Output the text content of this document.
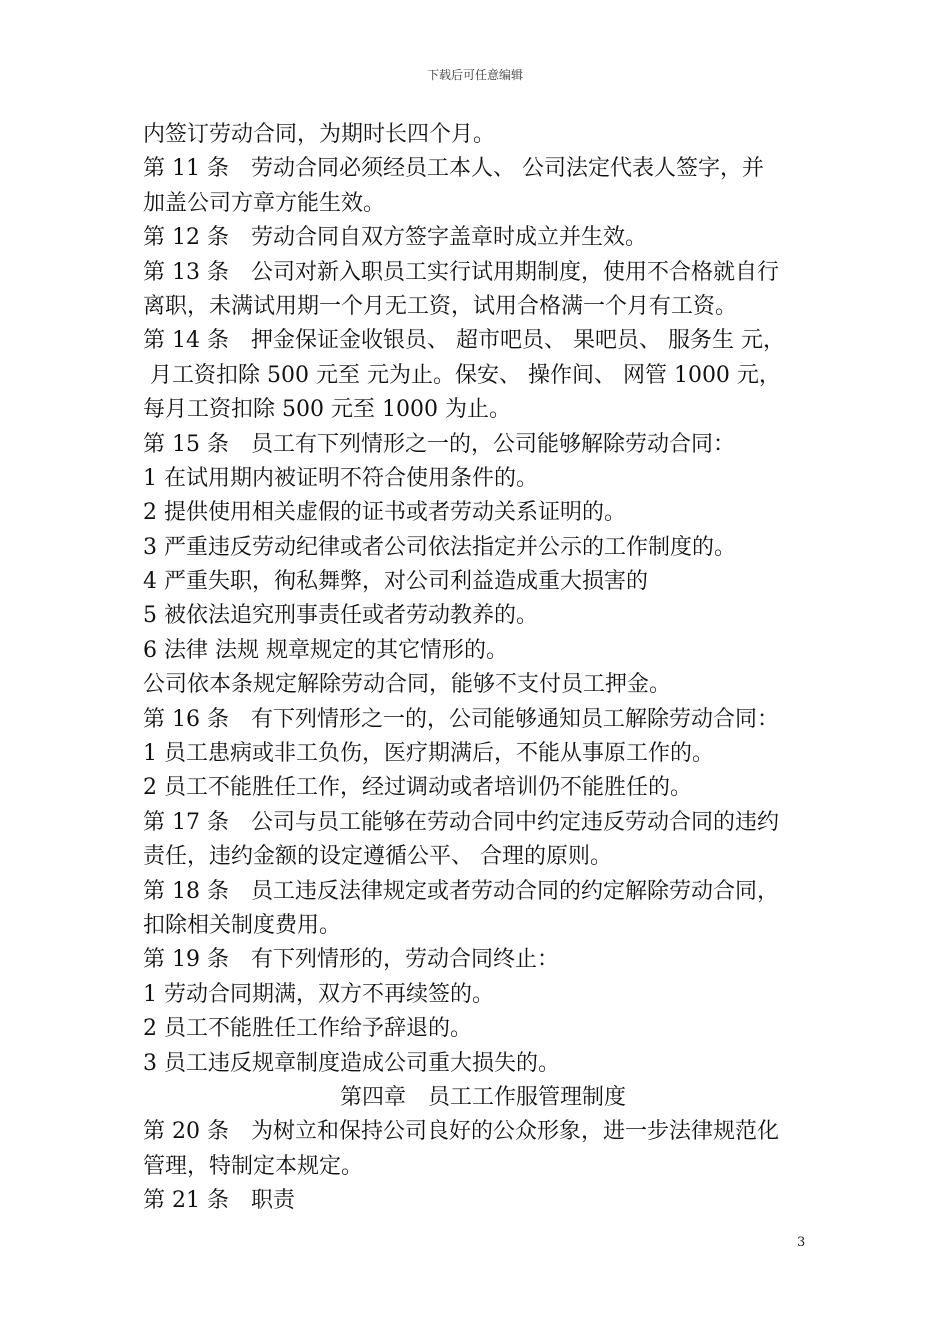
下载后可任意编辑
内签订劳动合同，为期时长四个月。
第 11 条　劳动合同必须经员工本人、 公司法定代表人签字，并
加盖公司方章方能生效。
第 12 条　劳动合同自双方签字盖章时成立并生效。
第 13 条　公司对新入职员工实行试用期制度，使用不合格就自行
离职，未满试用期一个月无工资，试用合格满一个月有工资。
第 14 条　押金保证金收银员、 超市吧员、 果吧员、 服务生 元，
月工资扣除 500 元至 元为止。保安、 操作间、 网管 1000 元，
每月工资扣除 500 元至 1000 为止。
第 15 条　员工有下列情形之一的，公司能够解除劳动合同：
1 在试用期内被证明不符合使用条件的。
2 提供使用相关虚假的证书或者劳动关系证明的。
3 严重违反劳动纪律或者公司依法指定并公示的工作制度的。
4 严重失职，徇私舞弊，对公司利益造成重大损害的
5 被依法追究刑事责任或者劳动教养的。
6 法律 法规 规章规定的其它情形的。
公司依本条规定解除劳动合同，能够不支付员工押金。
第 16 条　有下列情形之一的，公司能够通知员工解除劳动合同：
1 员工患病或非工负伤，医疗期满后，不能从事原工作的。
2 员工不能胜任工作，经过调动或者培训仍不能胜任的。
第 17 条　公司与员工能够在劳动合同中约定违反劳动合同的违约
责任，违约金额的设定遵循公平、 合理的原则。
第 18 条　员工违反法律规定或者劳动合同的约定解除劳动合同，
扣除相关制度费用。
第 19 条　有下列情形的，劳动合同终止：
1 劳动合同期满，双方不再续签的。
2 员工不能胜任工作给予辞退的。
3 员工违反规章制度造成公司重大损失的。
第四章　员工工作服管理制度
第 20 条　为树立和保持公司良好的公众形象，进一步法律规范化
管理，特制定本规定。
第 21 条　职责
3
